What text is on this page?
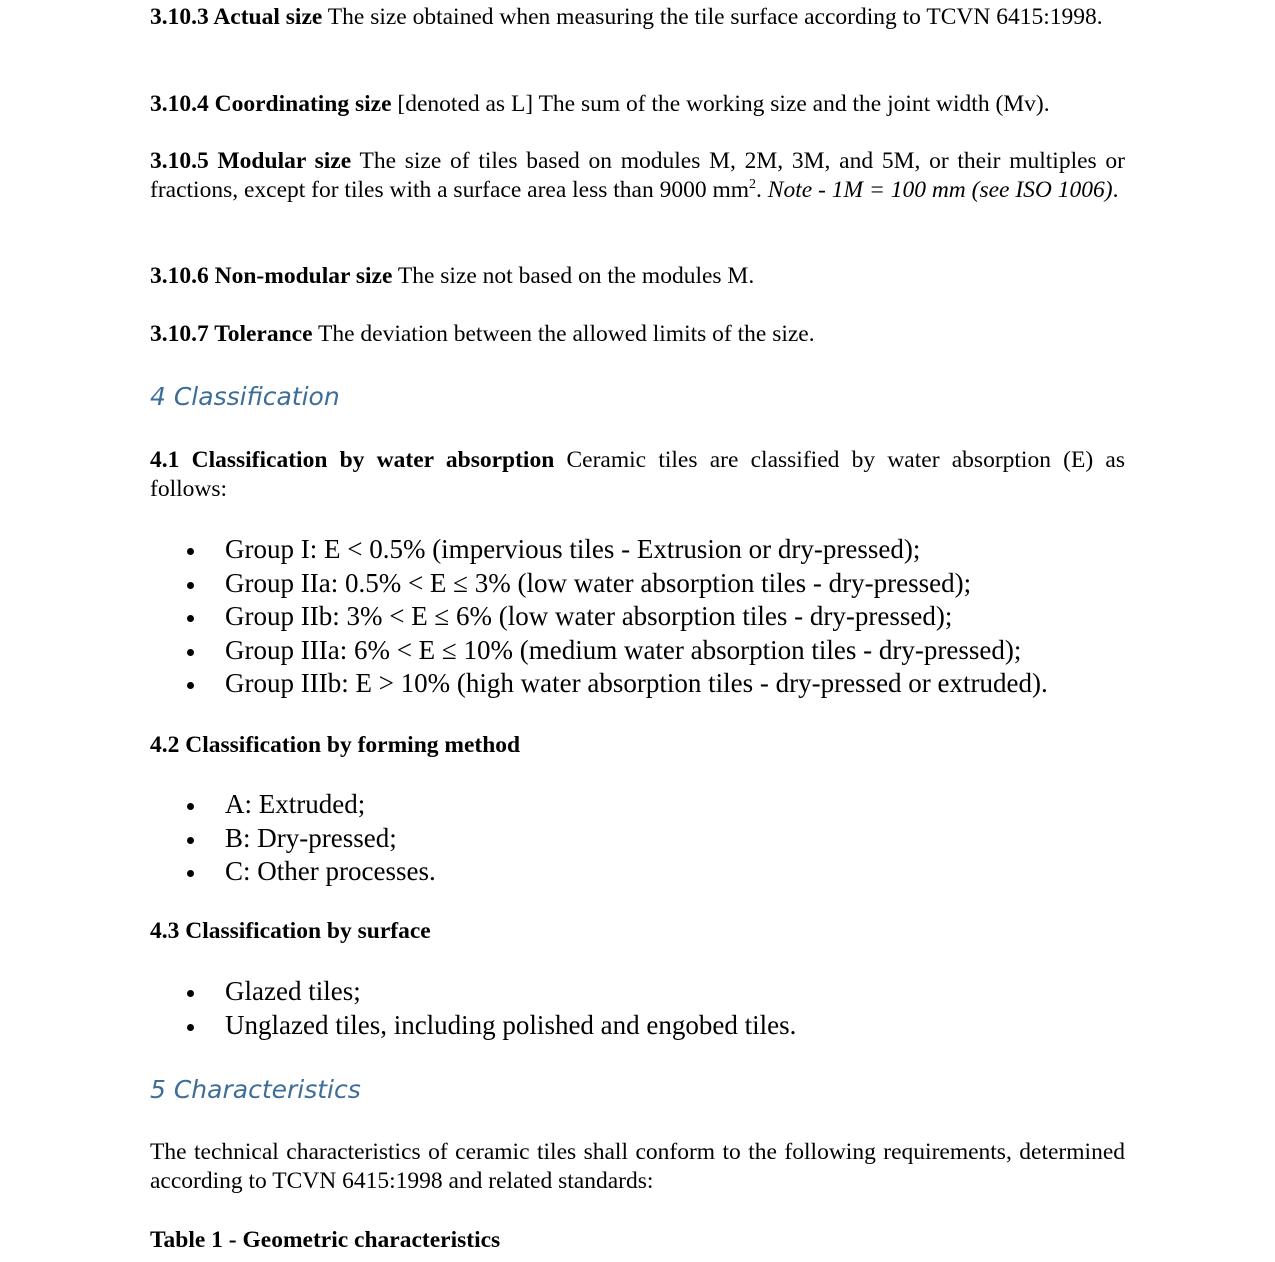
3.10.3 Actual size The size obtained when measuring the tile surface according to TCVN 6415:1998.

3.10.4 Coordinating size [denoted as L] The sum of the working size and the joint width (Mv).

3.10.5 Modular size The size of tiles based on modules M, 2M, 3M, and 5M, or their multiples or fractions, except for tiles with a surface area less than 9000 $mm^2$. Note - 1M = 100 mm (see ISO 1006).

3.10.6 Non-modular size The size not based on the modules M.

3.10.7 Tolerance The deviation between the allowed limits of the size.

4 Classification

4.1 Classification by water absorption Ceramic tiles are classified by water absorption (E) as follows:

Group I: E < 0.5% (impervious tiles - Extrusion or dry-pressed);
Group IIa: 0.5% < E ≤ 3% (low water absorption tiles - dry-pressed);
Group IIb: 3% < E ≤ 6% (low water absorption tiles - dry-pressed);
Group IIIa: 6% < E ≤ 10% (medium water absorption tiles - dry-pressed);
Group IIIb: E > 10% (high water absorption tiles - dry-pressed or extruded).
4.2 Classification by forming method
A: Extruded;
B: Dry-pressed;
C: Other processes.
4.3 Classification by surface
Glazed tiles;
Unglazed tiles, including polished and engobed tiles.
5 Characteristics

The technical characteristics of ceramic tiles shall conform to the following requirements, determined according to TCVN 6415:1998 and related standards:

Table 1 - Geometric characteristics
